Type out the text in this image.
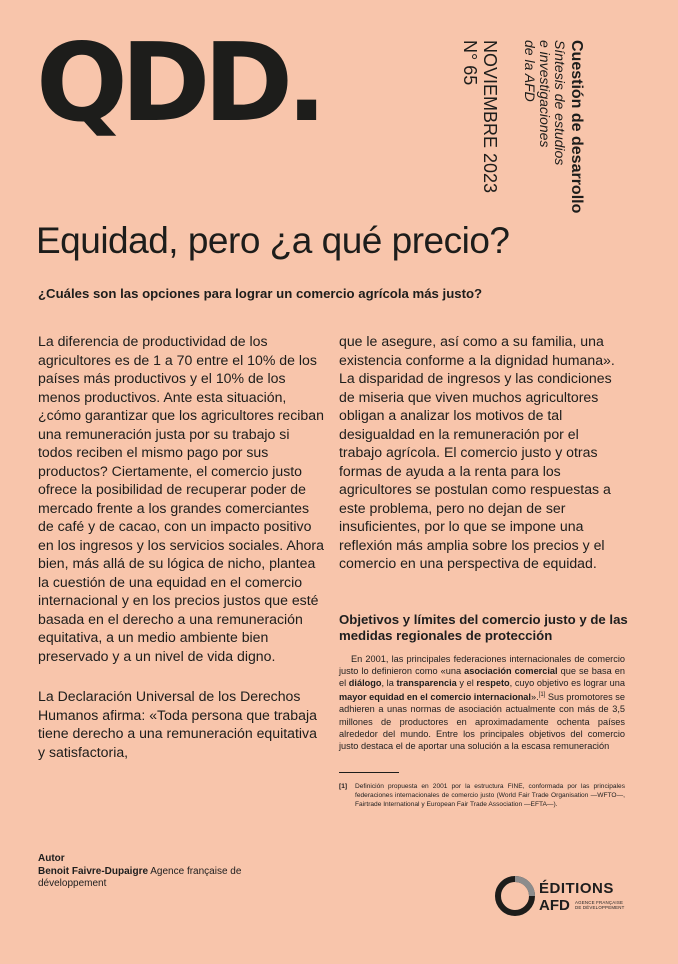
QDD.	NOVIEMBRE 2023
N° 65	Cuestión de desarrollo
Síntesis de estudios
e investigaciones
de la AFD
Equidad, pero ¿a qué precio?
¿Cuáles son las opciones para lograr un comercio agrícola más justo?

La diferencia de productividad de los agricultores es de 1 a 70 entre el 10% de los países más productivos y el 10% de los menos productivos. Ante esta situación, ¿cómo garantizar que los agricultores reciban una remuneración justa por su trabajo si todos reciben el mismo pago por sus productos? Ciertamente, el comercio justo ofrece la posibilidad de recuperar poder de mercado frente a los grandes comerciantes de café y de cacao, con un impacto positivo en los ingresos y los servicios sociales. Ahora bien, más allá de su lógica de nicho, plantea la cuestión de una equidad en el comercio internacional y en los precios justos que esté basada en el derecho a una remuneración equitativa, a un medio ambiente bien preservado y a un nivel de vida digno.

La Declaración Universal de los Derechos Humanos afirma: «Toda persona que trabaja tiene derecho a una remuneración equitativa y satisfactoria,

que le asegure, así como a su familia, una existencia conforme a la dignidad humana». La disparidad de ingresos y las condiciones de miseria que viven muchos agricultores obligan a analizar los motivos de tal desigualdad en la remuneración por el trabajo agrícola. El comercio justo y otras formas de ayuda a la renta para los agricultores se postulan como respuestas a este problema, pero no dejan de ser insuficientes, por lo que se impone una reflexión más amplia sobre los precios y el comercio en una perspectiva de equidad.

Objetivos y límites del comercio justo y de las medidas regionales de protección
En 2001, las principales federaciones internacionales de comercio justo lo definieron como «una asociación comercial que se basa en el diálogo, la transparencia y el respeto, cuyo objetivo es lograr una mayor equidad en el comercio internacional».[1] Sus promotores se adhieren a unas normas de asociación actualmente con más de 3,5 millones de productores en aproximadamente ochenta países alrededor del mundo. Entre los principales objetivos del comercio justo destaca el de aportar una solución a la escasa remuneración
[1]	Definición propuesta en 2001 por la estructura FINE, conformada por las principales federaciones internacionales de comercio justo (World Fair Trade Organisation —WFTO—, Fairtrade International y European Fair Trade Association —EFTA—).
Autor
Benoit Faivre-Dupaigre Agence française de développement	ÉDITIONS
AFD AGENCE FRANÇAISE DE DÉVELOPPEMENT
